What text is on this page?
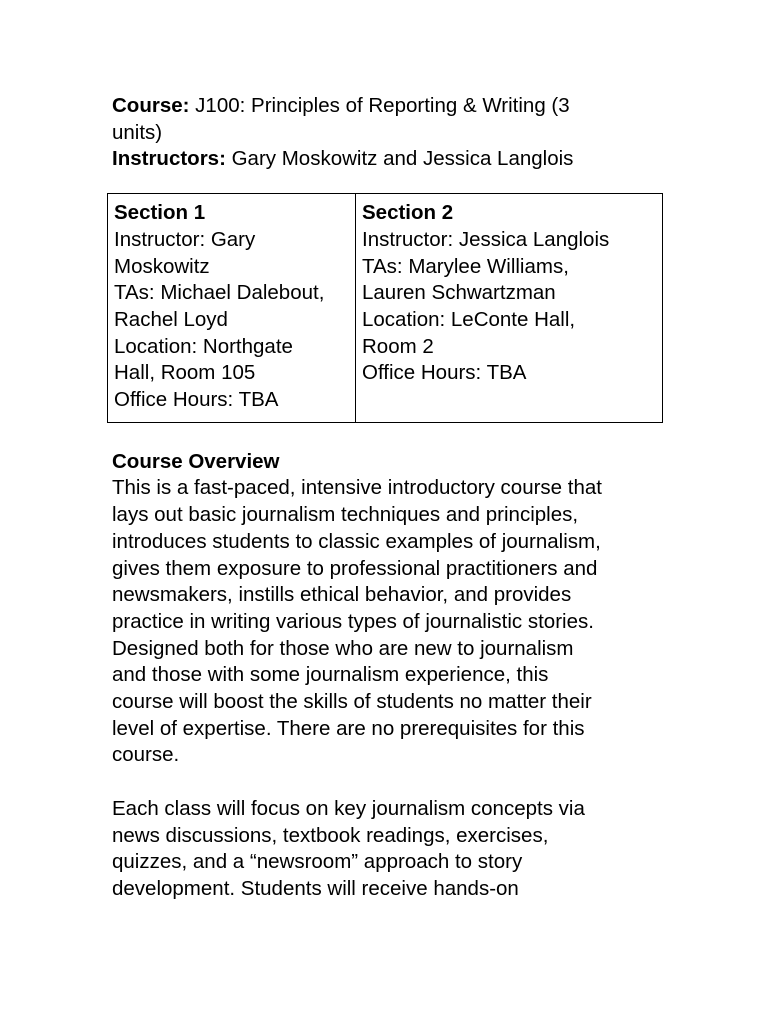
Course: J100: Principles of Reporting & Writing (3
units)
Instructors: Gary Moskowitz and Jessica Langlois
Section 1
Instructor: Gary
Moskowitz
TAs: Michael Dalebout,
Rachel Loyd
Location: Northgate
Hall, Room 105
Office Hours: TBA

Section 2
Instructor: Jessica Langlois
TAs: Marylee Williams,
Lauren Schwartzman
Location: LeConte Hall,
Room 2
Office Hours: TBA
Course Overview
This is a fast-paced, intensive introductory course that
lays out basic journalism techniques and principles,
introduces students to classic examples of journalism,
gives them exposure to professional practitioners and
newsmakers, instills ethical behavior, and provides
practice in writing various types of journalistic stories.
Designed both for those who are new to journalism
and those with some journalism experience, this
course will boost the skills of students no matter their
level of expertise. There are no prerequisites for this
course.
Each class will focus on key journalism concepts via
news discussions, textbook readings, exercises,
quizzes, and a “newsroom” approach to story
development. Students will receive hands-on
